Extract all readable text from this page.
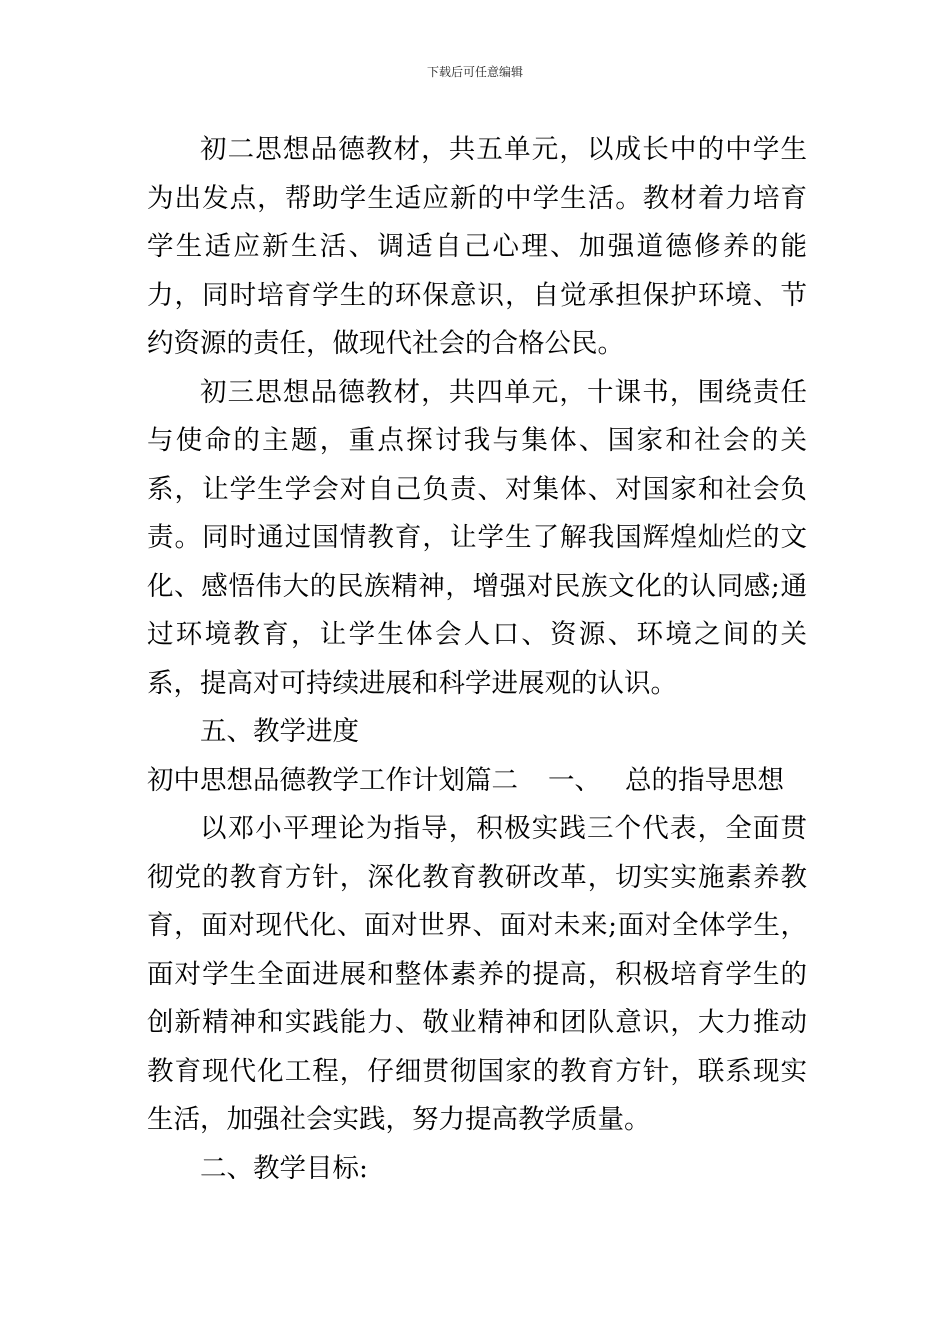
下载后可任意编辑

初二思想品德教材，共五单元，以成长中的中学生为出发点，帮助学生适应新的中学生活。教材着力培育学生适应新生活、调适自己心理、加强道德修养的能力，同时培育学生的环保意识，自觉承担保护环境、节约资源的责任，做现代社会的合格公民。

初三思想品德教材，共四单元，十课书，围绕责任与使命的主题，重点探讨我与集体、国家和社会的关系，让学生学会对自己负责、对集体、对国家和社会负责。同时通过国情教育，让学生了解我国辉煌灿烂的文化、感悟伟大的民族精神，增强对民族文化的认同感;通过环境教育，让学生体会人口、资源、环境之间的关系，提高对可持续进展和科学进展观的认识。

五、教学进度

初中思想品德教学工作计划篇二 一、 总的指导思想

以邓小平理论为指导，积极实践三个代表，全面贯彻党的教育方针，深化教育教研改革，切实实施素养教育，面对现代化、面对世界、面对未来;面对全体学生，面对学生全面进展和整体素养的提高，积极培育学生的创新精神和实践能力、敬业精神和团队意识，大力推动教育现代化工程，仔细贯彻国家的教育方针，联系现实生活，加强社会实践，努力提高教学质量。

二、教学目标:
